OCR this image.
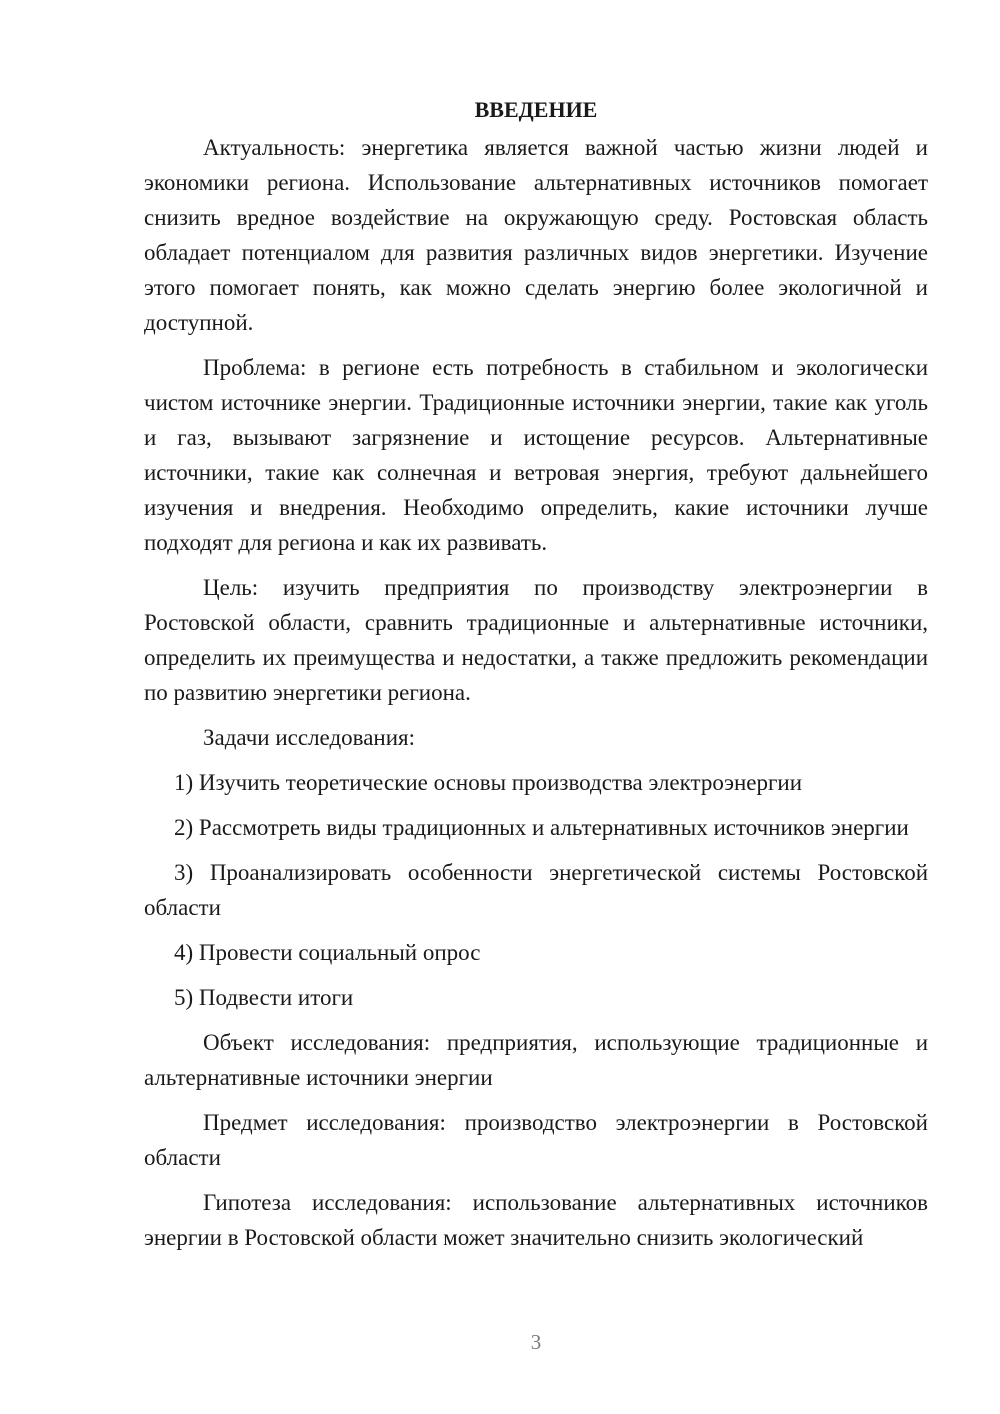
ВВЕДЕНИЕ

Актуальность: энергетика является важной частью жизни людей и экономики региона. Использование альтернативных источников помогает снизить вредное воздействие на окружающую среду. Ростовская область обладает потенциалом для развития различных видов энергетики. Изучение этого помогает понять, как можно сделать энергию более экологичной и доступной.

Проблема: в регионе есть потребность в стабильном и экологически чистом источнике энергии. Традиционные источники энергии, такие как уголь и газ, вызывают загрязнение и истощение ресурсов. Альтернативные источники, такие как солнечная и ветровая энергия, требуют дальнейшего изучения и внедрения. Необходимо определить, какие источники лучше подходят для региона и как их развивать.

Цель: изучить предприятия по производству электроэнергии в Ростовской области, сравнить традиционные и альтернативные источники, определить их преимущества и недостатки, а также предложить рекомендации по развитию энергетики региона.

Задачи исследования:

1) Изучить теоретические основы производства электроэнергии

2) Рассмотреть виды традиционных и альтернативных источников энергии

3) Проанализировать особенности энергетической системы Ростовской области

4) Провести социальный опрос

5) Подвести итоги

Объект исследования: предприятия, использующие традиционные и альтернативные источники энергии

Предмет исследования: производство электроэнергии в Ростовской области

Гипотеза исследования: использование альтернативных источников энергии в Ростовской области может значительно снизить экологический

3
